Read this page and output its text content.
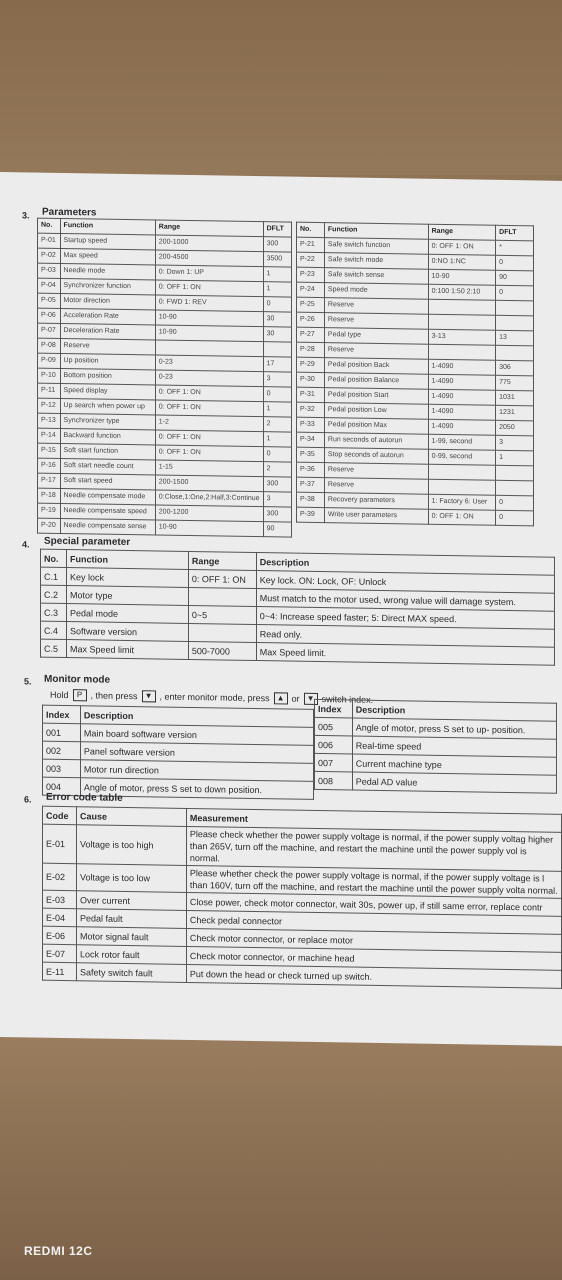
3. Parameters
No.	Function	Range	DFLT
P-01	Startup speed	200-1000	300
P-02	Max speed	200-4500	3500
P-03	Needle mode	0: Down 1: UP	1
P-04	Synchronizer function	0: OFF 1: ON	1
P-05	Motor direction	0: FWD 1: REV	0
P-06	Acceleration Rate	10-90	30
P-07	Deceleration Rate	10-90	30
P-08	Reserve		
P-09	Up position	0-23	17
P-10	Bottom position	0-23	3
P-11	Speed display	0: OFF 1: ON	0
P-12	Up search when power up	0: OFF 1: ON	1
P-13	Synchronizer type	1-2	2
P-14	Backward function	0: OFF 1: ON	1
P-15	Soft start function	0: OFF 1: ON	0
P-16	Soft start needle count	1-15	2
P-17	Soft start speed	200-1500	300
P-18	Needle compensate mode	0:Close,1:One,2:Half,3:Continue	3
P-19	Needle compensate speed	200-1200	300
P-20	Needle compensate sense	10-90	90
No.	Function	Range	DFLT
P-21	Safe switch function	0: OFF 1: ON	*
P-22	Safe switch mode	0:NO 1:NC	0
P-23	Safe switch sense	10-90	90
P-24	Speed mode	0:100 1:50 2:10	0
P-25	Reserve		
P-26	Reserve		
P-27	Pedal type	3-13	13
P-28	Reserve		
P-29	Pedal position Back	1-4090	306
P-30	Pedal position Balance	1-4090	775
P-31	Pedal position Start	1-4090	1031
P-32	Pedal position Low	1-4090	1231
P-33	Pedal position Max	1-4090	2050
P-34	Run seconds of autorun	1-99, second	3
P-35	Stop seconds of autorun	0-99, second	1
P-36	Reserve		
P-37	Reserve		
P-38	Recovery parameters	1: Factory 6: User	0
P-39	Write user parameters	0: OFF 1: ON	0
4. Special parameter
No.	Function	Range	Description
C.1	Key lock	0: OFF 1: ON	Key lock. ON: Lock, OF: Unlock
C.2	Motor type		Must match to the motor used, wrong value will damage system.
C.3	Pedal mode	0~5	0~4: Increase speed faster; 5: Direct MAX speed.
C.4	Software version		Read only.
C.5	Max Speed limit	500-7000	Max Speed limit.
5. Monitor mode
Hold	P , then press ▼ , enter monitor mode, press ▲ or ▼ switch index.
Index	Description
001	Main board software version
002	Panel software version
003	Motor run direction
004	Angle of motor, press S set to down position.
Index	Description
005	Angle of motor, press S set to up- position.
006	Real-time speed
007	Current machine type
008	Pedal AD value
6. Error code table
Code	Cause	Measurement
E-01	Voltage is too high	Please check whether the power supply voltage is normal, if the power supply voltag higher than 265V, turn off the machine, and restart the machine until the power supply vol is normal.
E-02	Voltage is too low	Please whether check the power supply voltage is normal, if the power supply voltage is l than 160V, turn off the machine, and restart the machine until the power supply volta normal.
E-03	Over current	Close power, check motor connector, wait 30s, power up, if still same error, replace contr
E-04	Pedal fault	Check pedal connector
E-06	Motor signal fault	Check motor connector, or replace motor
E-07	Lock rotor fault	Check motor connector, or machine head
E-11	Safety switch fault	Put down the head or check turned up switch.
REDMI 12C
